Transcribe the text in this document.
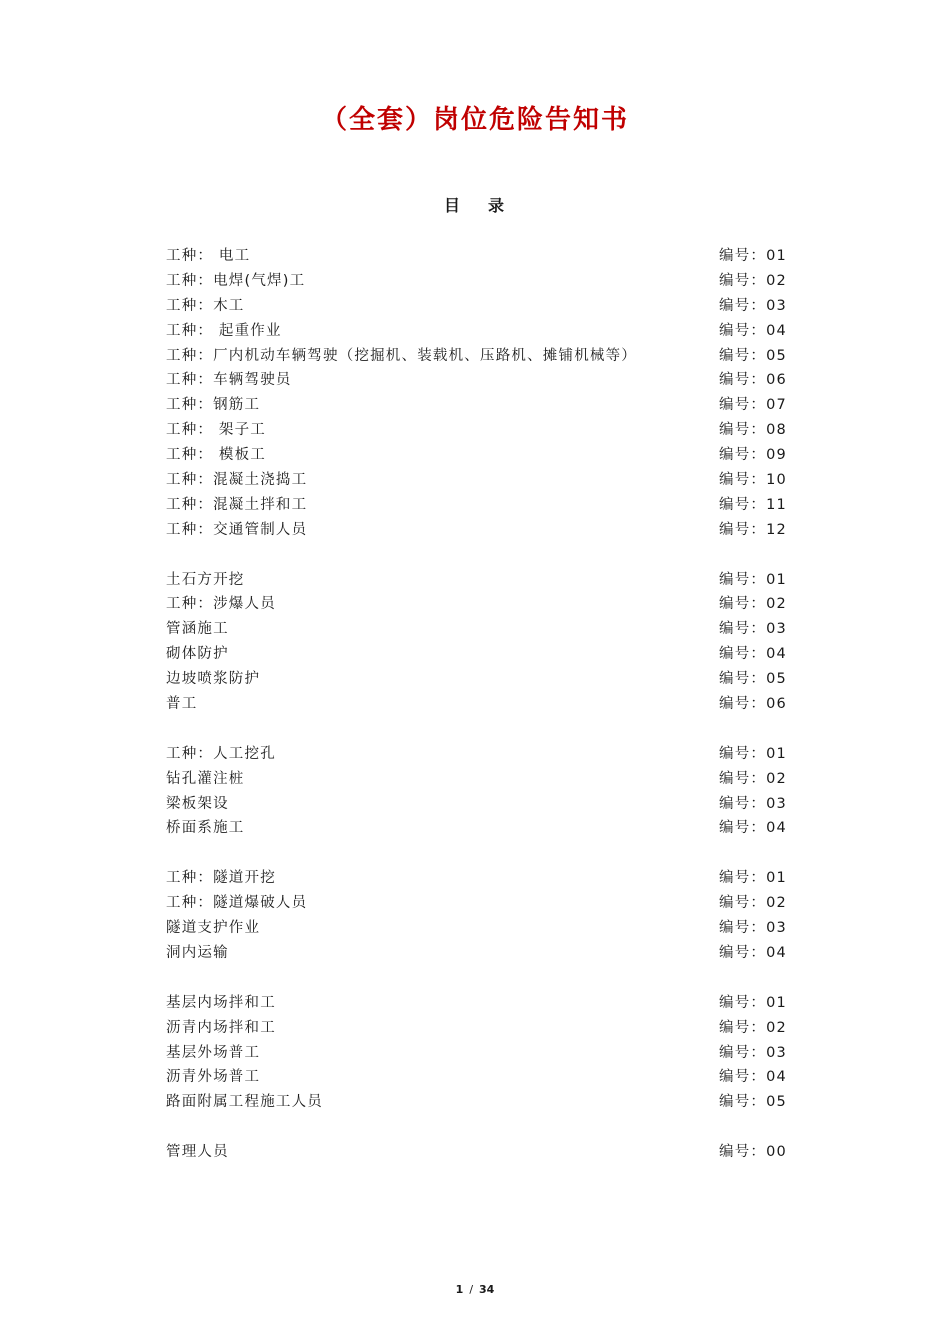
（全套）岗位危险告知书
目 录
工种： 电工	编号：01
工种：电焊(气焊)工	编号：02
工种：木工	编号：03
工种： 起重作业	编号：04
工种：厂内机动车辆驾驶（挖掘机、装载机、压路机、摊铺机械等）	编号：05
工种：车辆驾驶员	编号：06
工种：钢筋工	编号：07
工种： 架子工	编号：08
工种： 模板工	编号：09
工种：混凝土浇捣工	编号：10
工种：混凝土拌和工	编号：11
工种：交通管制人员	编号：12
土石方开挖	编号：01
工种：涉爆人员	编号：02
管涵施工	编号：03
砌体防护	编号：04
边坡喷浆防护	编号：05
普工	编号：06
工种：人工挖孔	编号：01
钻孔灌注桩	编号：02
梁板架设	编号：03
桥面系施工	编号：04
工种：隧道开挖	编号：01
工种：隧道爆破人员	编号：02
隧道支护作业	编号：03
洞内运输	编号：04
基层内场拌和工	编号：01
沥青内场拌和工	编号：02
基层外场普工	编号：03
沥青外场普工	编号：04
路面附属工程施工人员	编号：05
管理人员	编号：00
1 / 34
